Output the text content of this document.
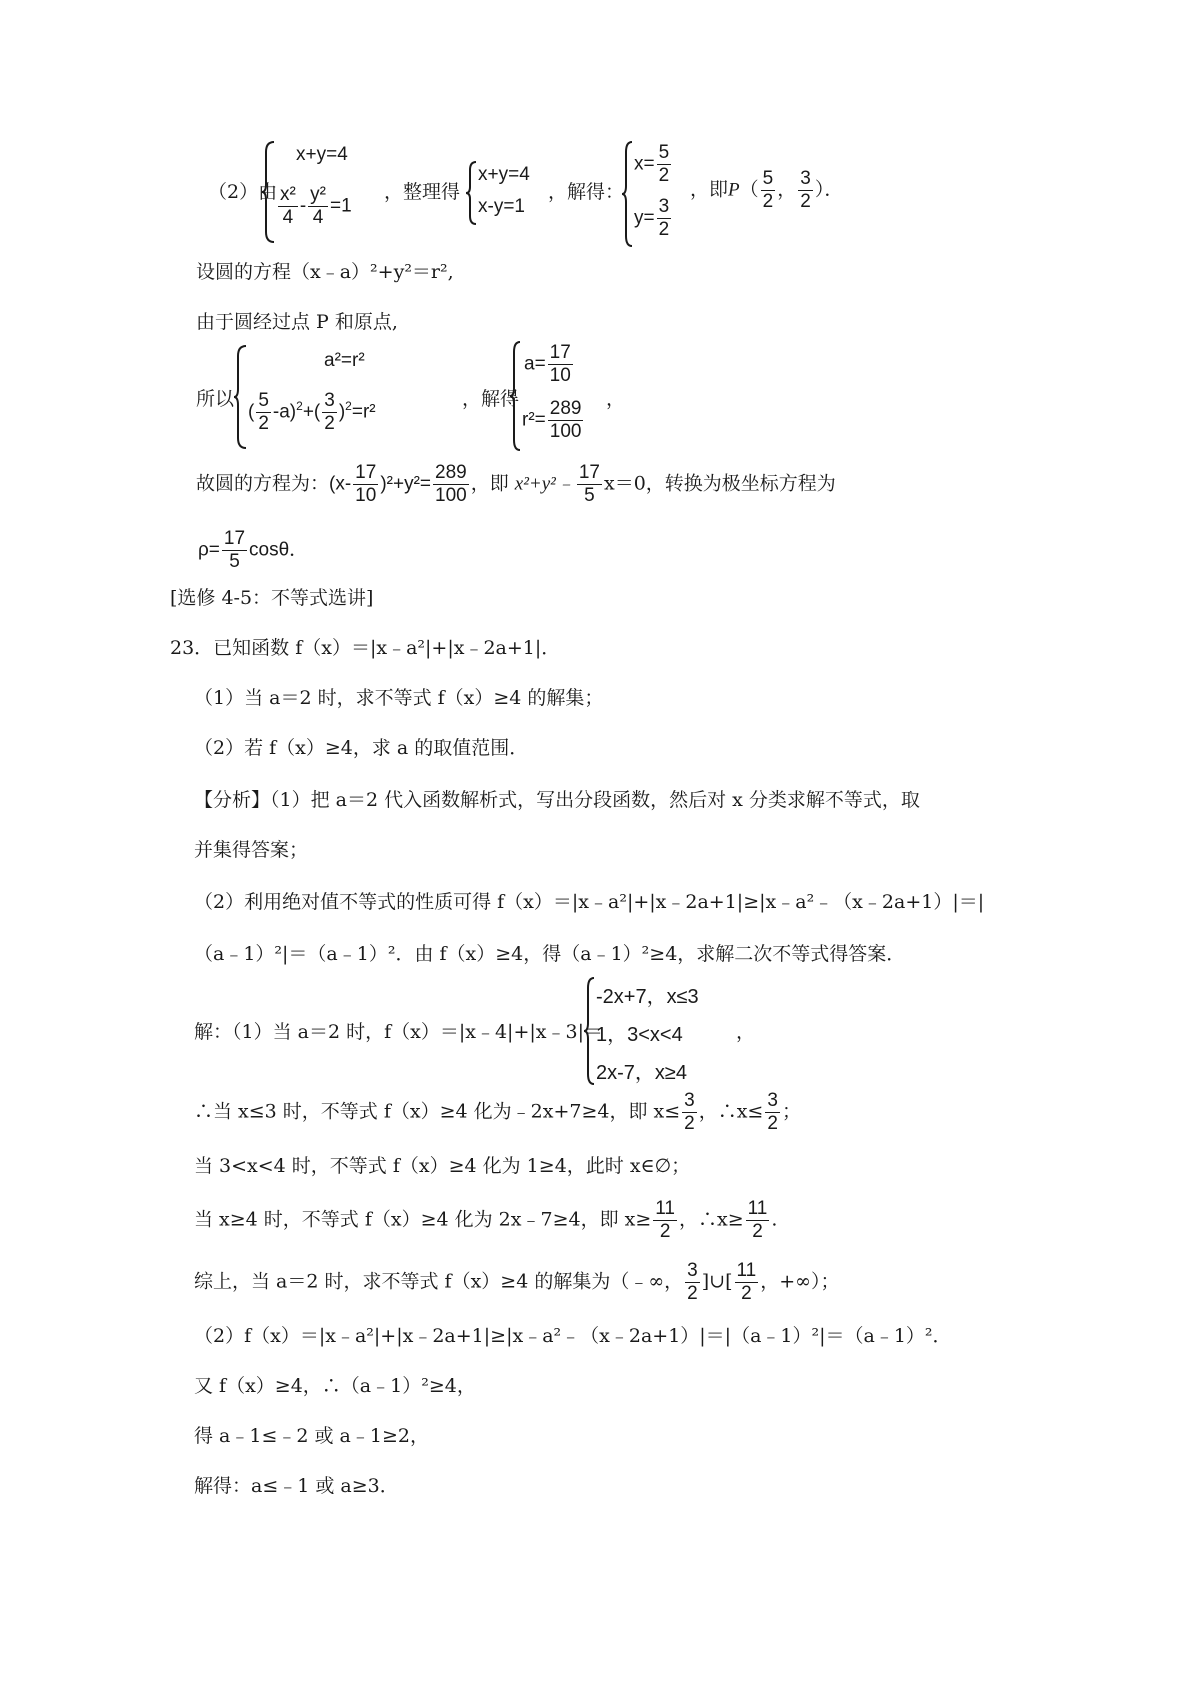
（2）由
x+y=4
$\frac{\text{x²}}{4} - \frac{\text{y²}}{4} =1$
，整理得
x+y=4
x-y=1
，解得：
$x= \frac{5}{2}$
$y= \frac{3}{2}$
，即$P( \frac{5}{2}$ ， $\frac{3}{2}$ ）．
设圆的方程（x﹣a）²+y²＝r²,
由于圆经过点 P 和原点,
所以
a²=r²
( $\frac{5}{2} -a)^2+( \frac{3}{2} )^2=r^2$
，解得
$a= \frac{17}{10}$
$r^2= \frac{289}{100}$ ，
故圆的方程为：$(x- \frac{17}{10} )^2+y^2= \frac{289}{100}$ ，即 x²+y²﹣ $\frac{17}{5} x=0$，转换为极坐标方程为
$\rho= \frac{17}{5}$ cosθ．
[选修 4-5：不等式选讲]
23．已知函数 f（x）＝|x﹣a²|+|x﹣2a+1|．
（1）当 a＝2 时，求不等式 f（x）≥4 的解集；
（2）若 f（x）≥4，求 a 的取值范围．
【分析】（1）把 a＝2 代入函数解析式，写出分段函数，然后对 x 分类求解不等式，取
并集得答案；
（2）利用绝对值不等式的性质可得 f（x）＝|x﹣a²|+|x﹣2a+1|≥|x﹣a²﹣（x﹣2a+1）|＝|
（a﹣1）²|＝（a﹣1）²．由 f（x）≥4，得（a﹣1）²≥4，求解二次不等式得答案．
解：（1）当 a＝2 时，f（x）＝|x﹣4|+|x﹣3|＝
-2x+7，x≤3
1，3<x<4
2x-7，x≥4
，
∴当 x≤3 时，不等式 f（x）≥4 化为﹣2x+7≥4，即 $x\le \frac{3}{2}$ ，∴x≤ $\frac{3}{2}$ ；
当 3<x<4 时，不等式 f（x）≥4 化为 1≥4，此时 x∈∅；
当 x≥4 时，不等式 f（x）≥4 化为 2x﹣7≥4，即 $x\ge \frac{11}{2}$ ，∴x≥ $\frac{11}{2}$ .
综上，当 a＝2 时，求不等式 f（x）≥4 的解集为（﹣∞， $\frac{3}{2}$ ]∪[ $\frac{11}{2}$ ，+∞）；
（2）f（x）＝|x﹣a²|+|x﹣2a+1|≥|x﹣a²﹣（x﹣2a+1）|＝|（a﹣1）²|＝（a﹣1）²．
又 f（x）≥4，∴（a﹣1）²≥4，
得 a﹣1≤﹣2 或 a﹣1≥2，
解得：a≤﹣1 或 a≥3．
